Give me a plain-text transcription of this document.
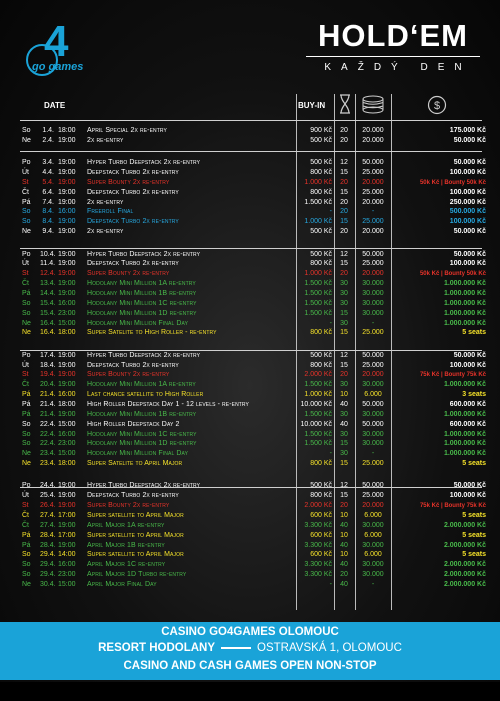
4
go games
HOLD‘EM
KAŽDÝ DEN
DATE	BUY-IN	$
So	1.4. 18:00	April Special 2x re-entry	900 Kč	20	20.000	175.000 Kč
Ne	2.4. 19:00	2x re-entry	500 Kč	20	20.000	50.000 Kč
Po	3.4. 19:00	Hyper Turbo Deepstack 2x re-entry	500 Kč	12	50.000	50.000 Kč
Út	4.4. 19:00	Deepstack Turbo 2x re-entry	800 Kč	15	25.000	100.000 Kč
St	5.4. 19:00	Super Bounty 2x re-entry	1.000 Kč	20	20.000	50k Kč | Bounty 50k Kč
Čt	6.4. 19:00	Deepstack Turbo 2x re-entry	800 Kč	15	25.000	100.000 Kč
Pá	7.4. 19:00	2x re-entry	1.500 Kč	20	20.000	250.000 Kč
So	8.4. 16:00	Freeroll Final	-	20	-	500.000 Kč
So	8.4. 19:00	Deepstack Turbo 2x re-entry	1.000 Kč	15	25.000	100.000 Kč
Ne	9.4. 19:00	2x re-entry	500 Kč	20	20.000	50.000 Kč
Po	10.4. 19:00	Hyper Turbo Deepstack 2x re-entry	500 Kč	12	50.000	50.000 Kč
Út	11.4. 19:00	Deepstack Turbo 2x re-entry	800 Kč	15	25.000	100.000 Kč
St	12.4. 19:00	Super Bounty 2x re-entry	1.000 Kč	20	20.000	50k Kč | Bounty 50k Kč
Čt	13.4. 19:00	Hodolany Mini Million 1A re-entry	1.500 Kč	30	30.000	1.000.000 Kč
Pá	14.4. 19:00	Hodolany Mini Million 1B re-entry	1.500 Kč	30	30.000	1.000.000 Kč
So	15.4. 16:00	Hodolany Mini Million 1C re-entry	1.500 Kč	30	30.000	1.000.000 Kč
So	15.4. 23:00	Hodolany Mini Million 1D re-entry	1.500 Kč	15	30.000	1.000.000 Kč
Ne	16.4. 15:00	Hodolany Mini Million Final Day	-	30	-	1.000.000 Kč
Ne	16.4. 18:00	Super Satelite to High Roller - re-entry	800 Kč	15	25.000	5 seats
Po	17.4. 19:00	Hyper Turbo Deepstack 2x re-entry	500 Kč	12	50.000	50.000 Kč
Út	18.4. 19:00	Deepstack Turbo 2x re-entry	800 Kč	15	25.000	100.000 Kč
St	19.4. 19:00	Super Bounty 2x re-entry	2.000 Kč	20	20.000	75k Kč | Bounty 75k Kč
Čt	20.4. 19:00	Hodolany Mini Million 1A re-entry	1.500 Kč	30	30.000	1.000.000 Kč
Pá	21.4. 16:00	Last chance satellite to High Roller	1.000 Kč	10	6.000	3 seats
Pá	21.4. 18:00	High Roller Deepstack Day 1 - 12 levels - re-entry	10.000 Kč	40	50.000	600.000 Kč
Pá	21.4. 19:00	Hodolany Mini Million 1B re-entry	1.500 Kč	30	30.000	1.000.000 Kč
So	22.4. 15:00	High Roller Deepstack Day 2	10.000 Kč	40	50.000	600.000 Kč
So	22.4. 16:00	Hodolany Mini Million 1C re-entry	1.500 Kč	30	30.000	1.000.000 Kč
So	22.4. 23:00	Hodolany Mini Million 1D re-entry	1.500 Kč	15	30.000	1.000.000 Kč
Ne	23.4. 15:00	Hodolany Mini Million Final Day	-	30	-	1.000.000 Kč
Ne	23.4. 18:00	Super Satelite to April Major	800 Kč	15	25.000	5 seats
Po	24.4. 19:00	Hyper Turbo Deepstack 2x re-entry	500 Kč	12	50.000	50.000 Kč
Út	25.4. 19:00	Deepstack Turbo 2x re-entry	800 Kč	15	25.000	100.000 Kč
St	26.4. 19:00	Super Bounty 2x re-entry	2.000 Kč	20	20.000	75k Kč | Bounty 75k Kč
Čt	27.4. 17:00	Super satellite to April Major	600 Kč	10	6.000	5 seats
Čt	27.4. 19:00	April Major 1A re-entry	3.300 Kč	40	30.000	2.000.000 Kč
Pá	28.4. 17:00	Super satellite to April Major	600 Kč	10	6.000	5 seats
Pá	28.4. 19:00	April Major 1B re-entry	3.300 Kč	40	30.000	2.000.000 Kč
So	29.4. 14:00	Super satellite to April Major	600 Kč	10	6.000	5 seats
So	29.4. 16:00	April Major 1C re-entry	3.300 Kč	40	30.000	2.000.000 Kč
So	29.4. 23:00	April Major 1D Turbo re-entry	3.300 Kč	20	30.000	2.000.000 Kč
Ne	30.4. 15:00	April Major Final Day	-	40	-	2.000.000 Kč
CASINO GO4GAMES OLOMOUC
RESORT HODOLANY	OSTRAVSKÁ 1, OLOMOUC
CASINO AND CASH GAMES OPEN NON-STOP
